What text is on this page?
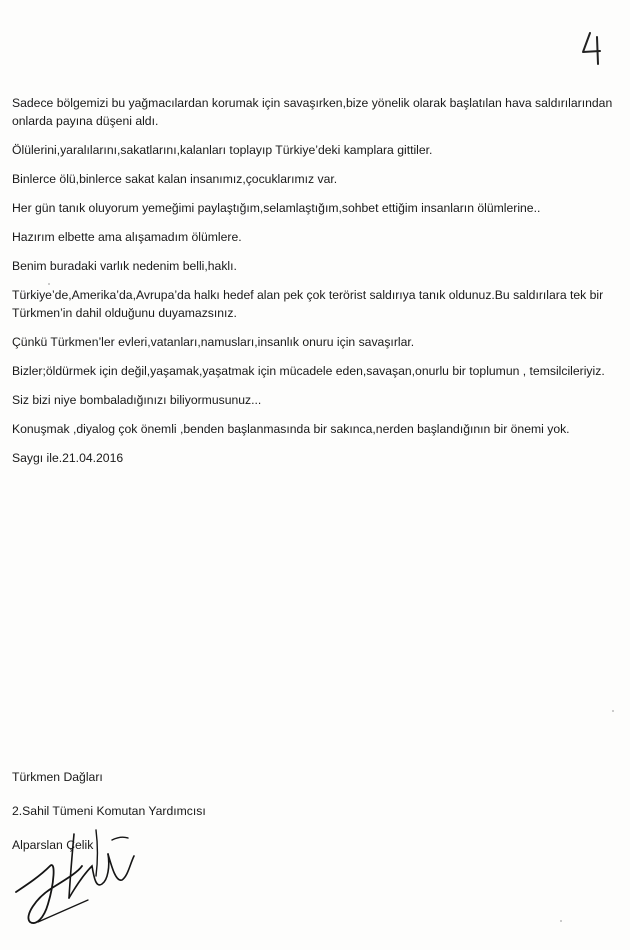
Sadece bölgemizi bu yağmacılardan korumak için savaşırken,bize yönelik olarak başlatılan hava saldırılarından onlarda payına düşeni aldı.

Ölülerini,yaralılarını,sakatlarını,kalanları toplayıp Türkiye’deki kamplara gittiler.

Binlerce ölü,binlerce sakat kalan insanımız,çocuklarımız var.

Her gün tanık oluyorum yemeğimi paylaştığım,selamlaştığım,sohbet ettiğim insanların ölümlerine..

Hazırım elbette ama alışamadım ölümlere.

Benim buradaki varlık nedenim belli,haklı.

Türkiye’de,Amerika’da,Avrupa’da halkı hedef alan pek çok terörist saldırıya tanık oldunuz.Bu saldırılara tek bir Türkmen’in dahil olduğunu duyamazsınız.

Çünkü Türkmen’ler evleri,vatanları,namusları,insanlık onuru için savaşırlar.

Bizler;öldürmek için değil,yaşamak,yaşatmak için mücadele eden,savaşan,onurlu bir toplumun , temsilcileriyiz.

Siz bizi niye bombaladığınızı biliyormusunuz...

Konuşmak ,diyalog çok önemli ,benden başlanmasında bir sakınca,nerden başlandığının bir önemi yok.

Saygı ile.21.04.2016

Türkmen Dağları

2.Sahil Tümeni Komutan Yardımcısı

Alparslan Çelik
